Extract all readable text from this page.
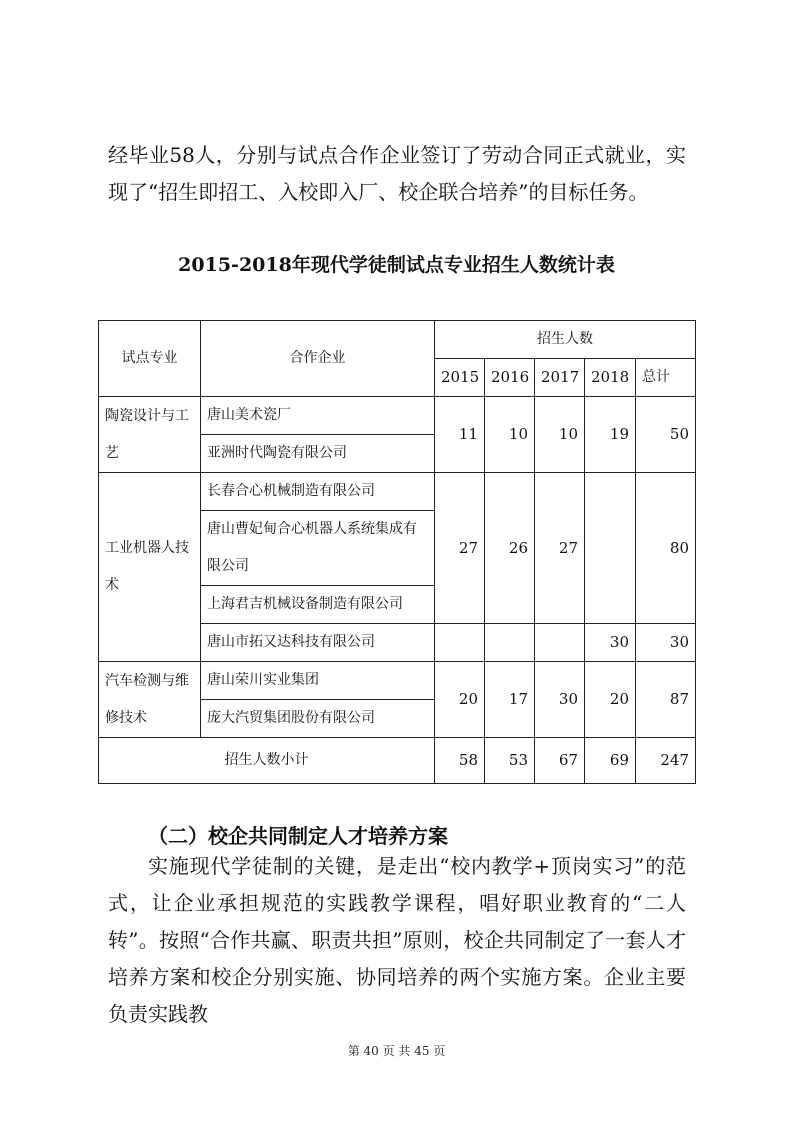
经毕业58人，分别与试点合作企业签订了劳动合同正式就业，实现了“招生即招工、入校即入厂、校企联合培养”的目标任务。

2015-2018年现代学徒制试点专业招生人数统计表
试点专业	合作企业	招生人数				
		2015	2016	2017	2018	总计
陶瓷设计与工艺	唐山美术瓷厂	11	10	10	19	50
	亚洲时代陶瓷有限公司					
工业机器人技术	长春合心机械制造有限公司	27	26	27		80
	唐山曹妃甸合心机器人系统集成有限公司					
	上海君吉机械设备制造有限公司					
	唐山市拓又达科技有限公司				30	30
汽车检测与维修技术	唐山荣川实业集团	20	17	30	20	87
	庞大汽贸集团股份有限公司					
招生人数小计		58	53	67	69	247
（二）校企共同制定人才培养方案

实施现代学徒制的关键，是走出“校内教学+顶岗实习”的范式，让企业承担规范的实践教学课程，唱好职业教育的“二人转”。按照“合作共赢、职责共担”原则，校企共同制定了一套人才培养方案和校企分别实施、协同培养的两个实施方案。企业主要负责实践教

第 40 页 共 45 页
